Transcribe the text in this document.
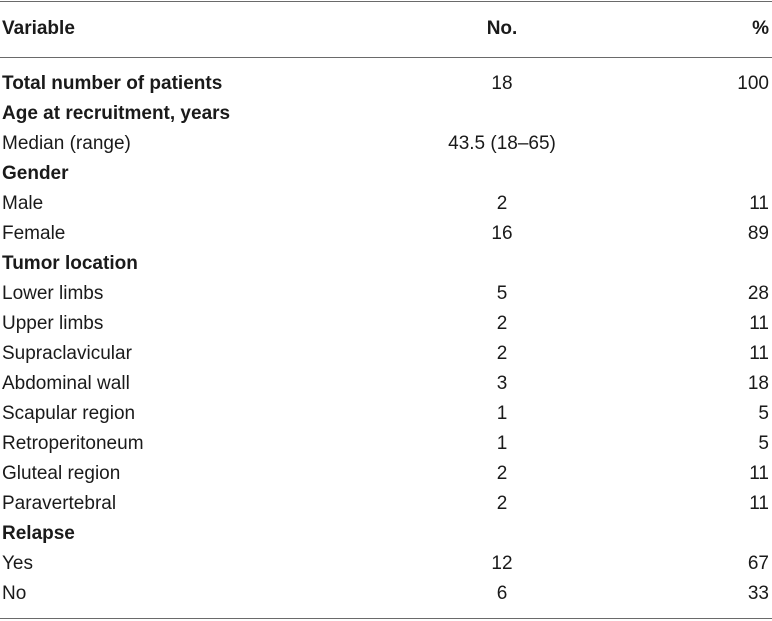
Variable	No.	%
Total number of patients	18	100
Age at recruitment, years
Median (range)	43.5 (18–65)
Gender
Male	2	11
Female	16	89
Tumor location
Lower limbs	5	28
Upper limbs	2	11
Supraclavicular	2	11
Abdominal wall	3	18
Scapular region	1	5
Retroperitoneum	1	5
Gluteal region	2	11
Paravertebral	2	11
Relapse
Yes	12	67
No	6	33
